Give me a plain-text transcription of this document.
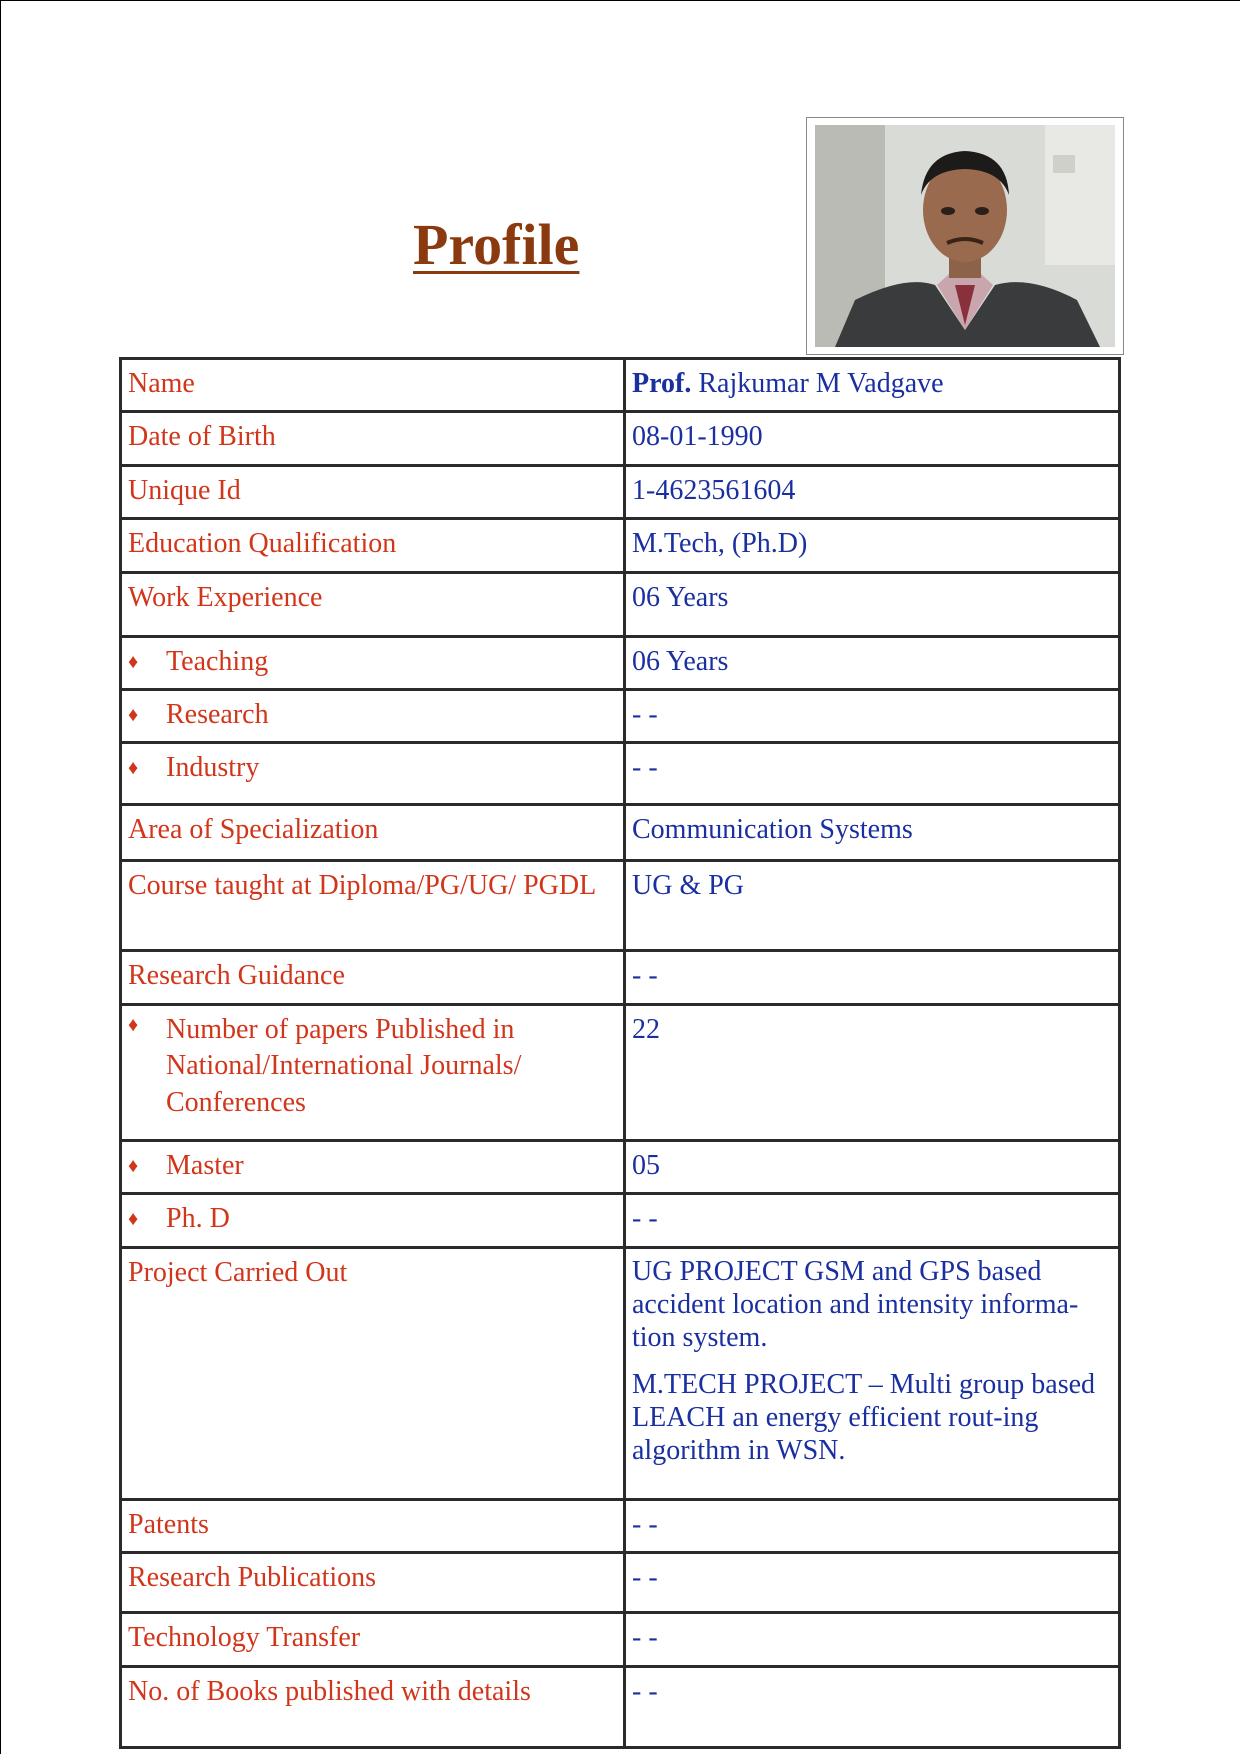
Profile
Name	Prof. Rajkumar M Vadgave
Date of Birth	08-01-1990
Unique Id	1-4623561604
Education Qualification	M.Tech, (Ph.D)
Work Experience	06 Years
♦ Teaching	06 Years
♦ Research	- -
♦ Industry	- -
Area of Specialization	Communication Systems
Course taught at Diploma/PG/UG/ PGDL	UG & PG
Research Guidance	- -

♦ Number of papers Published in National/International Journals/ Conferences	22
♦ Master	05
♦ Ph. D	- -
Project Carried Out	UG PROJECT GSM and GPS based accident location and intensity informa-tion system.
M.TECH PROJECT – Multi group based LEACH an energy efficient rout-ing algorithm in WSN.

Patents	- -
Research Publications	- -
Technology Transfer	- -
No. of Books published with details	- -
